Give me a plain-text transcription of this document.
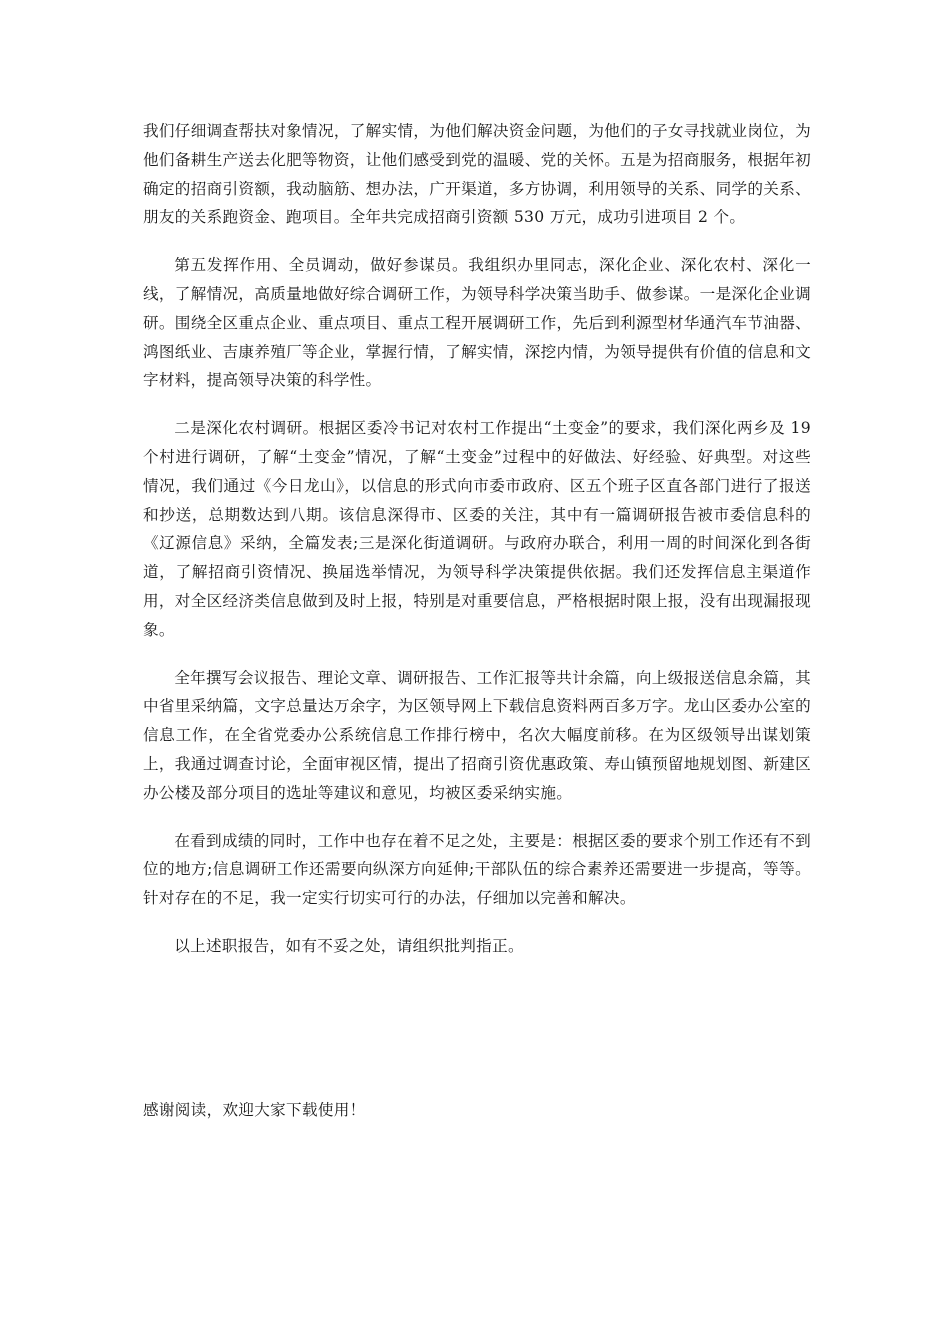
我们仔细调查帮扶对象情况，了解实情，为他们解决资金问题，为他们的子女寻找就业岗位，为他们备耕生产送去化肥等物资，让他们感受到党的温暖、党的关怀。五是为招商服务，根据年初确定的招商引资额，我动脑筋、想办法，广开渠道，多方协调，利用领导的关系、同学的关系、朋友的关系跑资金、跑项目。全年共完成招商引资额 530 万元，成功引进项目 2 个。

第五发挥作用、全员调动，做好参谋员。我组织办里同志，深化企业、深化农村、深化一线，了解情况，高质量地做好综合调研工作，为领导科学决策当助手、做参谋。一是深化企业调研。围绕全区重点企业、重点项目、重点工程开展调研工作，先后到利源型材华通汽车节油器、鸿图纸业、吉康养殖厂等企业，掌握行情，了解实情，深挖内情，为领导提供有价值的信息和文字材料，提高领导决策的科学性。

二是深化农村调研。根据区委冷书记对农村工作提出“土变金”的要求，我们深化两乡及 19 个村进行调研，了解“土变金”情况，了解“土变金”过程中的好做法、好经验、好典型。对这些情况，我们通过《今日龙山》，以信息的形式向市委市政府、区五个班子区直各部门进行了报送和抄送，总期数达到八期。该信息深得市、区委的关注，其中有一篇调研报告被市委信息科的《辽源信息》采纳，全篇发表;三是深化街道调研。与政府办联合，利用一周的时间深化到各街道，了解招商引资情况、换届选举情况，为领导科学决策提供依据。我们还发挥信息主渠道作用，对全区经济类信息做到及时上报，特别是对重要信息，严格根据时限上报，没有出现漏报现象。

全年撰写会议报告、理论文章、调研报告、工作汇报等共计余篇，向上级报送信息余篇，其中省里采纳篇，文字总量达万余字，为区领导网上下载信息资料两百多万字。龙山区委办公室的信息工作，在全省党委办公系统信息工作排行榜中，名次大幅度前移。在为区级领导出谋划策上，我通过调查讨论，全面审视区情，提出了招商引资优惠政策、寿山镇预留地规划图、新建区办公楼及部分项目的选址等建议和意见，均被区委采纳实施。

在看到成绩的同时，工作中也存在着不足之处，主要是：根据区委的要求个别工作还有不到位的地方;信息调研工作还需要向纵深方向延伸;干部队伍的综合素养还需要进一步提高，等等。针对存在的不足，我一定实行切实可行的办法，仔细加以完善和解决。

以上述职报告，如有不妥之处，请组织批判指正。

感谢阅读，欢迎大家下载使用！
